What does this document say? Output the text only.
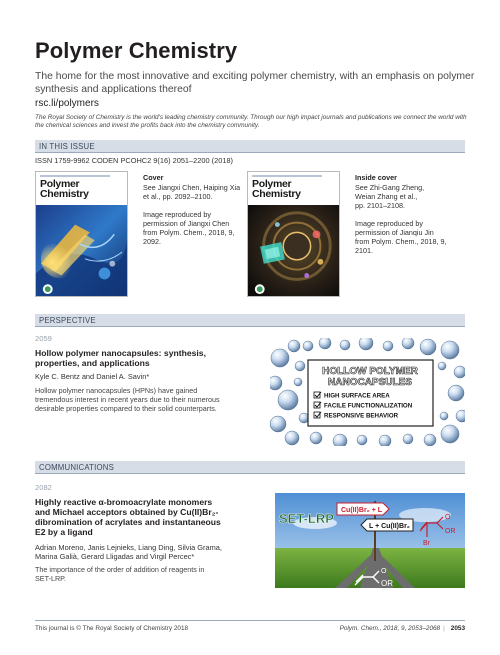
Polymer Chemistry
The home for the most innovative and exciting polymer chemistry, with an emphasis on polymer synthesis and applications thereof
rsc.li/polymers
The Royal Society of Chemistry is the world's leading chemistry community. Through our high impact journals and publications we connect the world with the chemical sciences and invest the profits back into the chemistry community.
IN THIS ISSUE
ISSN 1759-9962 CODEN PCOHC2 9(16) 2051–2200 (2018)
Polymer
Chemistry
Cover
See Jiangxi Chen, Haiping Xia
et al., pp. 2092–2100.
Image reproduced by
permission of Jiangxi Chen
from Polym. Chem., 2018, 9,
2092.
Polymer
Chemistry
Inside cover
See Zhi-Gang Zheng,
Weian Zhang et al.,
pp. 2101–2108.
Image reproduced by
permission of Jianqiu Jin
from Polym. Chem., 2018, 9,
2101.
PERSPECTIVE
2059
Hollow polymer nanocapsules: synthesis,
properties, and applications
Kyle C. Bentz and Daniel A. Savin*
Hollow polymer nanocapsules (HPNs) have gained
tremendous interest in recent years due to their numerous
desirable properties compared to their solid counterparts.
HOLLOW POLYMER
NANOCAPSULES
HIGH SURFACE AREA
FACILE FUNCTIONALIZATION
RESPONSIVE BEHAVIOR
COMMUNICATIONS
2082
Highly reactive α-bromoacrylate monomers
and Michael acceptors obtained by Cu(II)Br₂-
dibromination of acrylates and instantaneous
E2 by a ligand
Adrian Moreno, Janis Lejnieks, Liang Ding, Silvia Grama,
Marina Galià, Gerard Lligadas and Virgil Percec*
The importance of the order of addition of reagents in
SET-LRP.
Cu(II)Br₂ + L
L + Cu(II)Br₂
SET-LRP	O
OR
Br
O
OR
This journal is © The Royal Society of Chemistry 2018	Polym. Chem., 2018, 9, 2053–2068 | 2053
